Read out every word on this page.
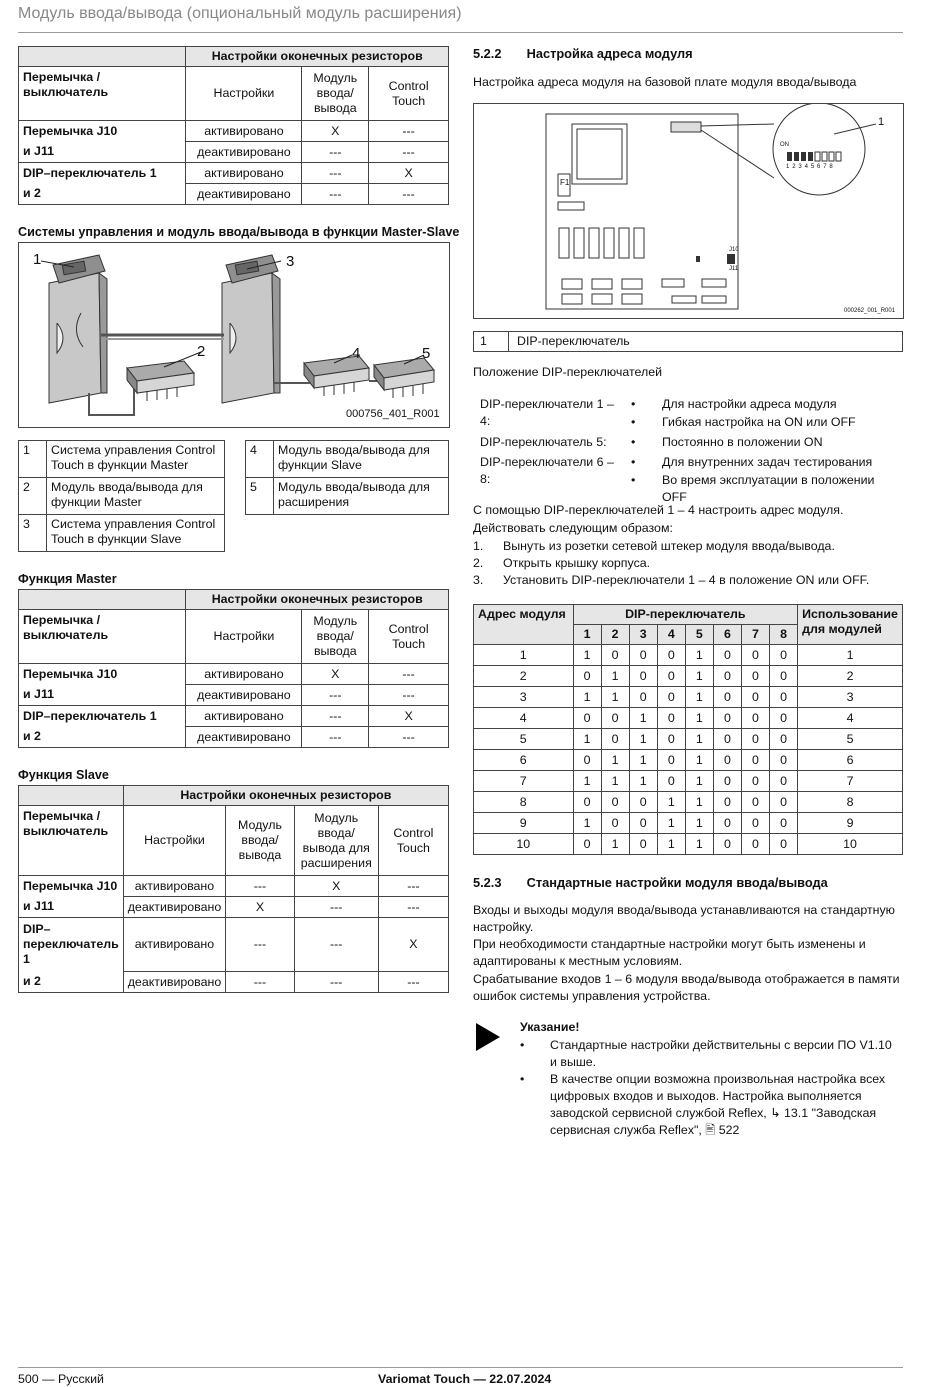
Модуль ввода/вывода (опциональный модуль расширения)
500 — Русский	Variomat Touch — 22.07.2024
	Настройки оконечных резисторов		
Перемычка / выключатель	Настройки	Модуль ввода/ вывода	Control Touch
Перемычка J10	активировано	X	---
и J11	деактивировано	---	---
DIP–переключатель 1	активировано	---	X
и 2	деактивировано	---	---
Системы управления и модуль ввода/вывода в функции Master-Slave
1
2
3
4	5
000756_401_R001
1	Система управления Control Touch в функции Master
2	Модуль ввода/вывода для функции Master
3	Система управления Control Touch в функции Slave
4	Модуль ввода/вывода для функции Slave
5	Модуль ввода/вывода для расширения
Функция Master
	Настройки оконечных резисторов		
Перемычка / выключатель	Настройки	Модуль ввода/ вывода	Control Touch
Перемычка J10	активировано	X	---
и J11	деактивировано	---	---
DIP–переключатель 1	активировано	---	X
и 2	деактивировано	---	---
Функция Slave
	Настройки оконечных резисторов			
Перемычка / выключатель	Настройки	Модуль ввода/ вывода	Модуль ввода/ вывода для расширения	Control Touch
Перемычка J10	активировано	---	X	---
и J11	деактивировано	X	---	---
DIP–переключатель 1	активировано	---	---	X
и 2	деактивировано	---	---	---
5.2.2 Настройка адреса модуля
Настройка адреса модуля на базовой плате модуля ввода/вывода
1
F1
J10
J11
ON
1 2 3 4 5 6 7 8
000262_001_R001
1	DIP-переключатель
Положение DIP-переключателей
DIP-переключатели 1 – 4:
• Для настройки адреса модуля
• Гибкая настройка на ON или OFF
DIP-переключатель 5:	• Постоянно в положении ON
DIP-переключатели 6 – 8:
• Для внутренних задач тестирования
• Во время эксплуатации в положении OFF
С помощью DIP-переключателей 1 – 4 настроить адрес модуля.
Действовать следующим образом:
1. Вынуть из розетки сетевой штекер модуля ввода/вывода.
2. Открыть крышку корпуса.
3. Установить DIP-переключатели 1 – 4 в положение ON или OFF.
Адрес модуля	DIP-переключатель								Использование для модулей
	1	2	3	4	5	6	7	8	
1	1	0	0	0	1	0	0	0	1
2	0	1	0	0	1	0	0	0	2
3	1	1	0	0	1	0	0	0	3
4	0	0	1	0	1	0	0	0	4
5	1	0	1	0	1	0	0	0	5
6	0	1	1	0	1	0	0	0	6
7	1	1	1	0	1	0	0	0	7
8	0	0	0	1	1	0	0	0	8
9	1	0	0	1	1	0	0	0	9
10	0	1	0	1	1	0	0	0	10
5.2.3 Стандартные настройки модуля ввода/вывода
Входы и выходы модуля ввода/вывода устанавливаются на стандартную настройку.
При необходимости стандартные настройки могут быть изменены и адаптированы к местным условиям.
Срабатывание входов 1 – 6 модуля ввода/вывода отображается в памяти ошибок системы управления устройства.
Указание!
• Стандартные настройки действительны с версии ПО V1.10 и выше.
• В качестве опции возможна произвольная настройка всех цифровых входов и выходов. Настройка выполняется заводской сервисной службой Reflex, ↳ 13.1 "Заводская сервисная служба Reflex", 🖹 522
